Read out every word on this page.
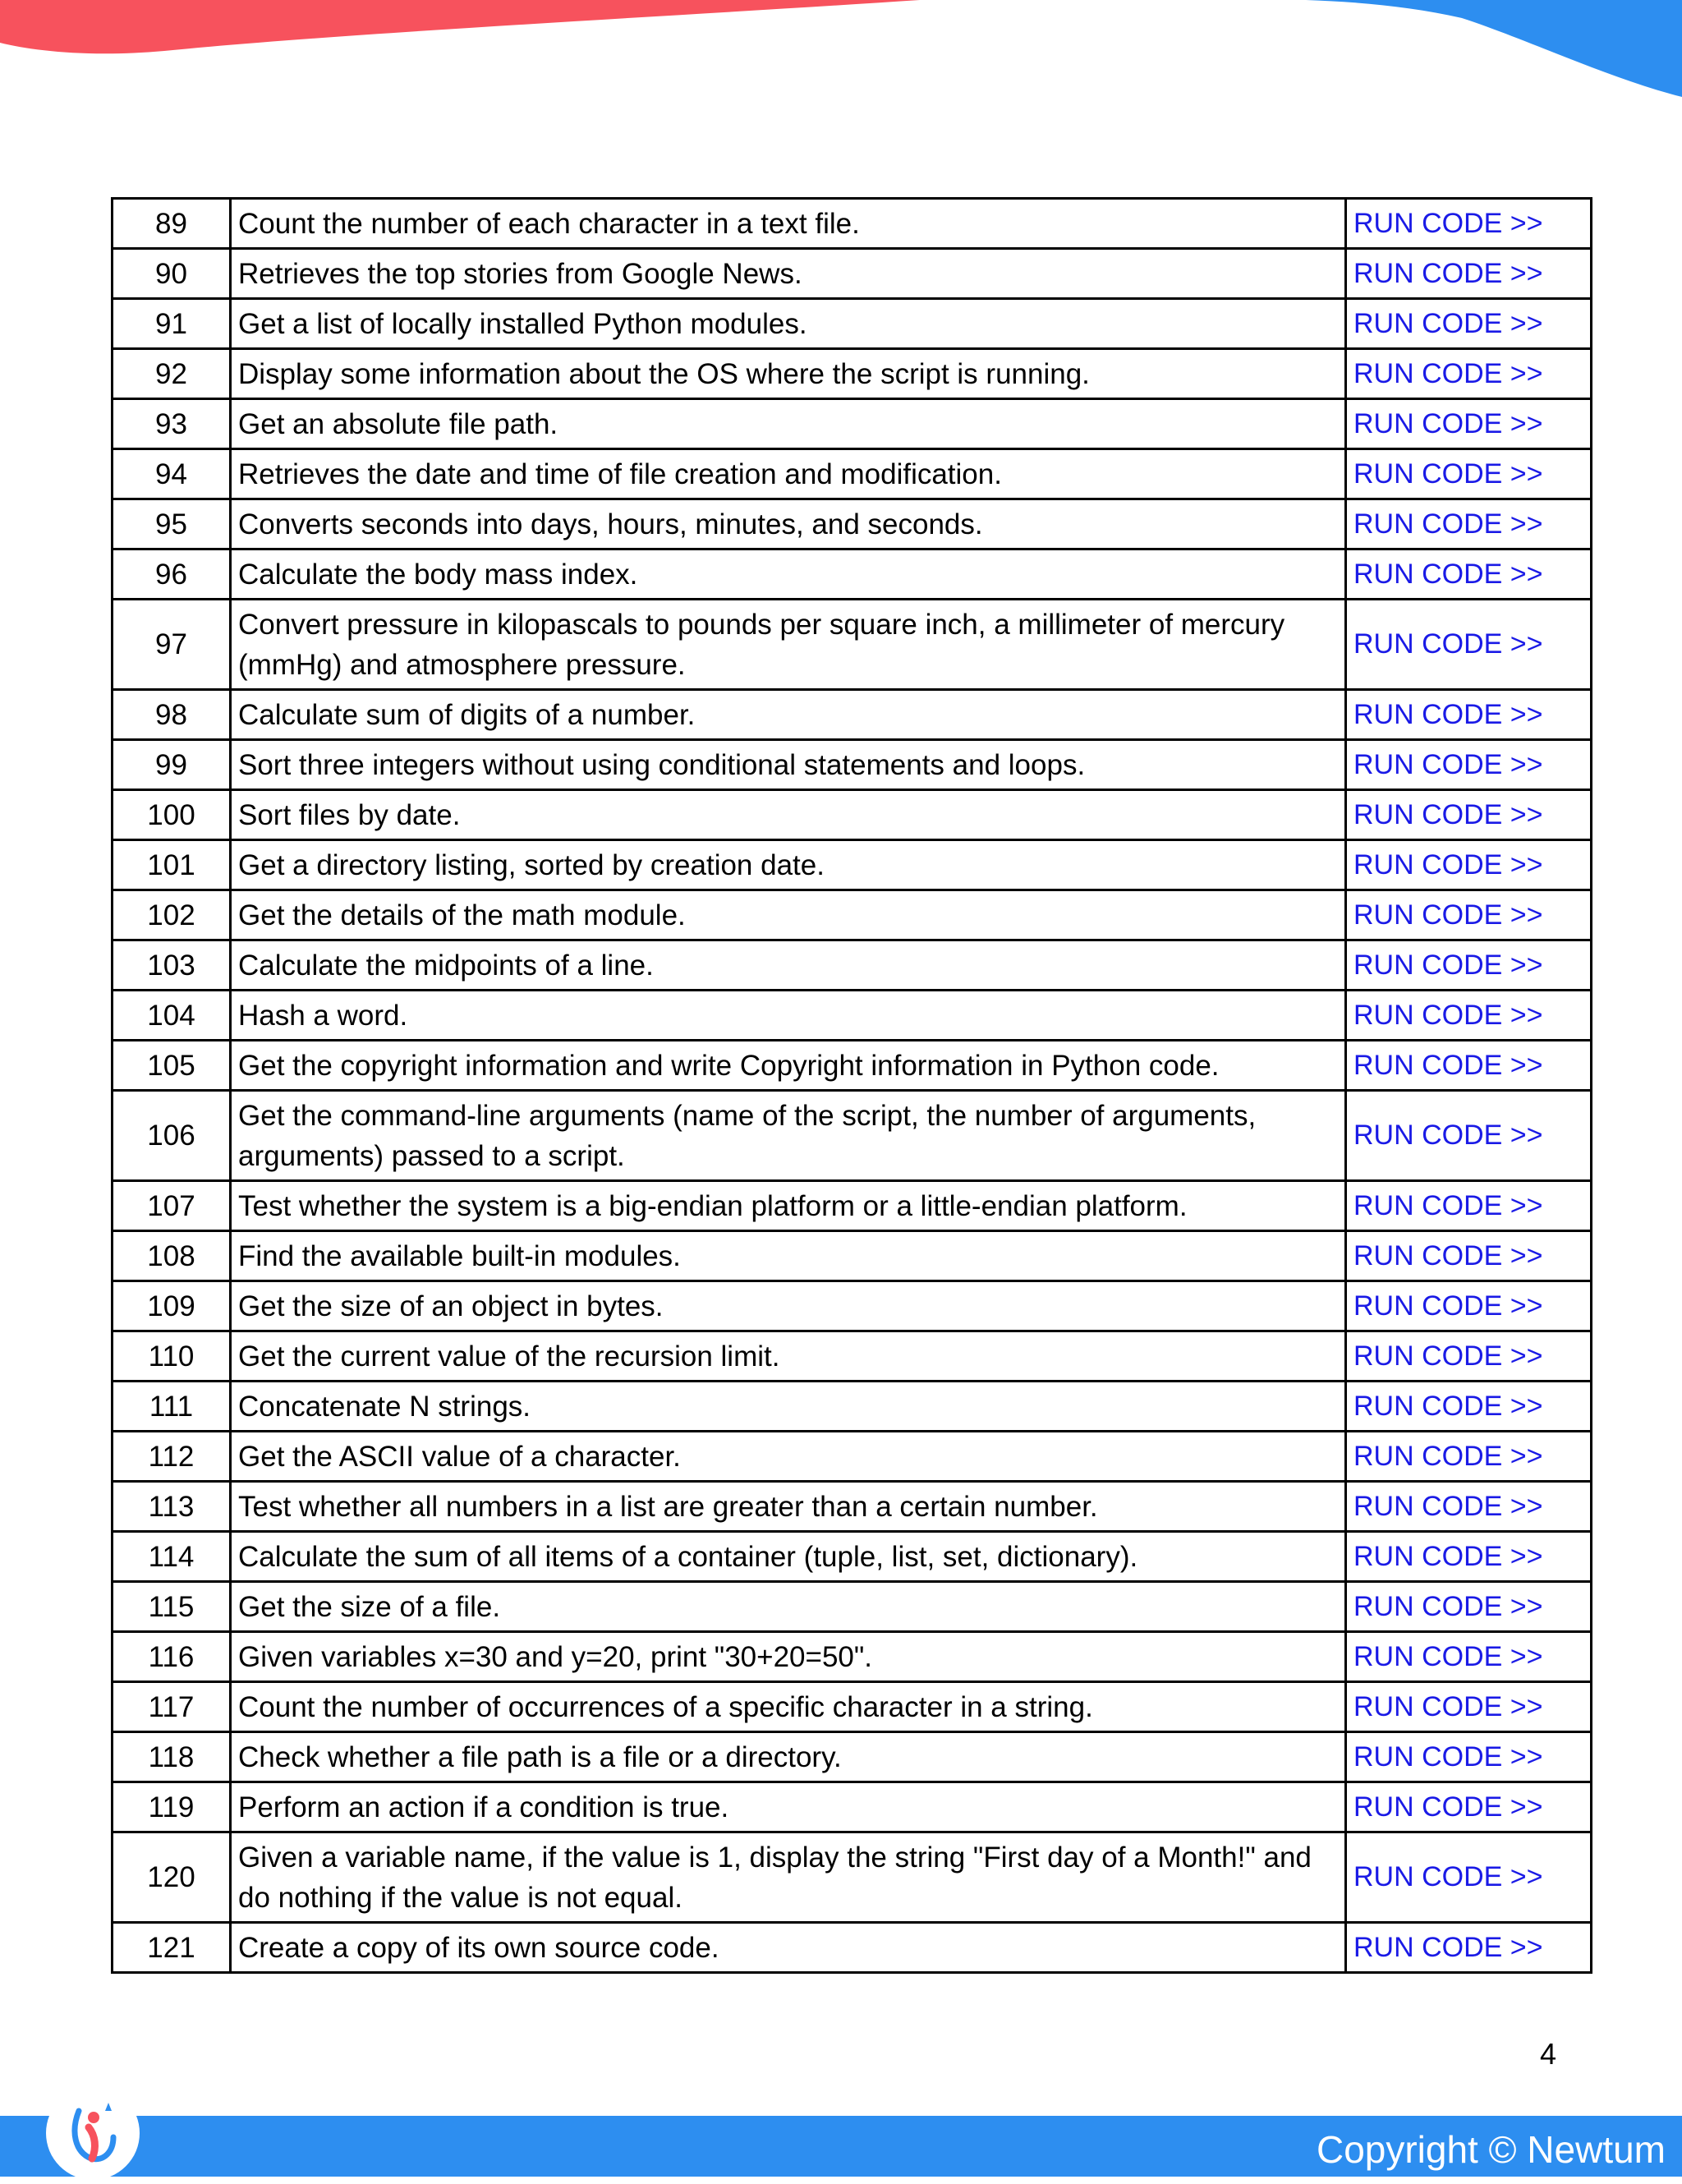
89	Count the number of each character in a text file.	RUN CODE >>
90	Retrieves the top stories from Google News.	RUN CODE >>
91	Get a list of locally installed Python modules.	RUN CODE >>
92	Display some information about the OS where the script is running.	RUN CODE >>
93	Get an absolute file path.	RUN CODE >>
94	Retrieves the date and time of file creation and modification.	RUN CODE >>
95	Converts seconds into days, hours, minutes, and seconds.	RUN CODE >>
96	Calculate the body mass index.	RUN CODE >>
97	Convert pressure in kilopascals to pounds per square inch, a millimeter of mercury (mmHg) and atmosphere pressure.	RUN CODE >>
98	Calculate sum of digits of a number.	RUN CODE >>
99	Sort three integers without using conditional statements and loops.	RUN CODE >>
100	Sort files by date.	RUN CODE >>
101	Get a directory listing, sorted by creation date.	RUN CODE >>
102	Get the details of the math module.	RUN CODE >>
103	Calculate the midpoints of a line.	RUN CODE >>
104	Hash a word.	RUN CODE >>
105	Get the copyright information and write Copyright information in Python code.	RUN CODE >>
106	Get the command-line arguments (name of the script, the number of arguments, arguments) passed to a script.	RUN CODE >>
107	Test whether the system is a big-endian platform or a little-endian platform.	RUN CODE >>
108	Find the available built-in modules.	RUN CODE >>
109	Get the size of an object in bytes.	RUN CODE >>
110	Get the current value of the recursion limit.	RUN CODE >>
111	Concatenate N strings.	RUN CODE >>
112	Get the ASCII value of a character.	RUN CODE >>
113	Test whether all numbers in a list are greater than a certain number.	RUN CODE >>
114	Calculate the sum of all items of a container (tuple, list, set, dictionary).	RUN CODE >>
115	Get the size of a file.	RUN CODE >>
116	Given variables x=30 and y=20, print "30+20=50".	RUN CODE >>
117	Count the number of occurrences of a specific character in a string.	RUN CODE >>
118	Check whether a file path is a file or a directory.	RUN CODE >>
119	Perform an action if a condition is true.	RUN CODE >>
120	Given a variable name, if the value is 1, display the string "First day of a Month!" and do nothing if the value is not equal.	RUN CODE >>
121	Create a copy of its own source code.	RUN CODE >>
4
Copyright © Newtum
